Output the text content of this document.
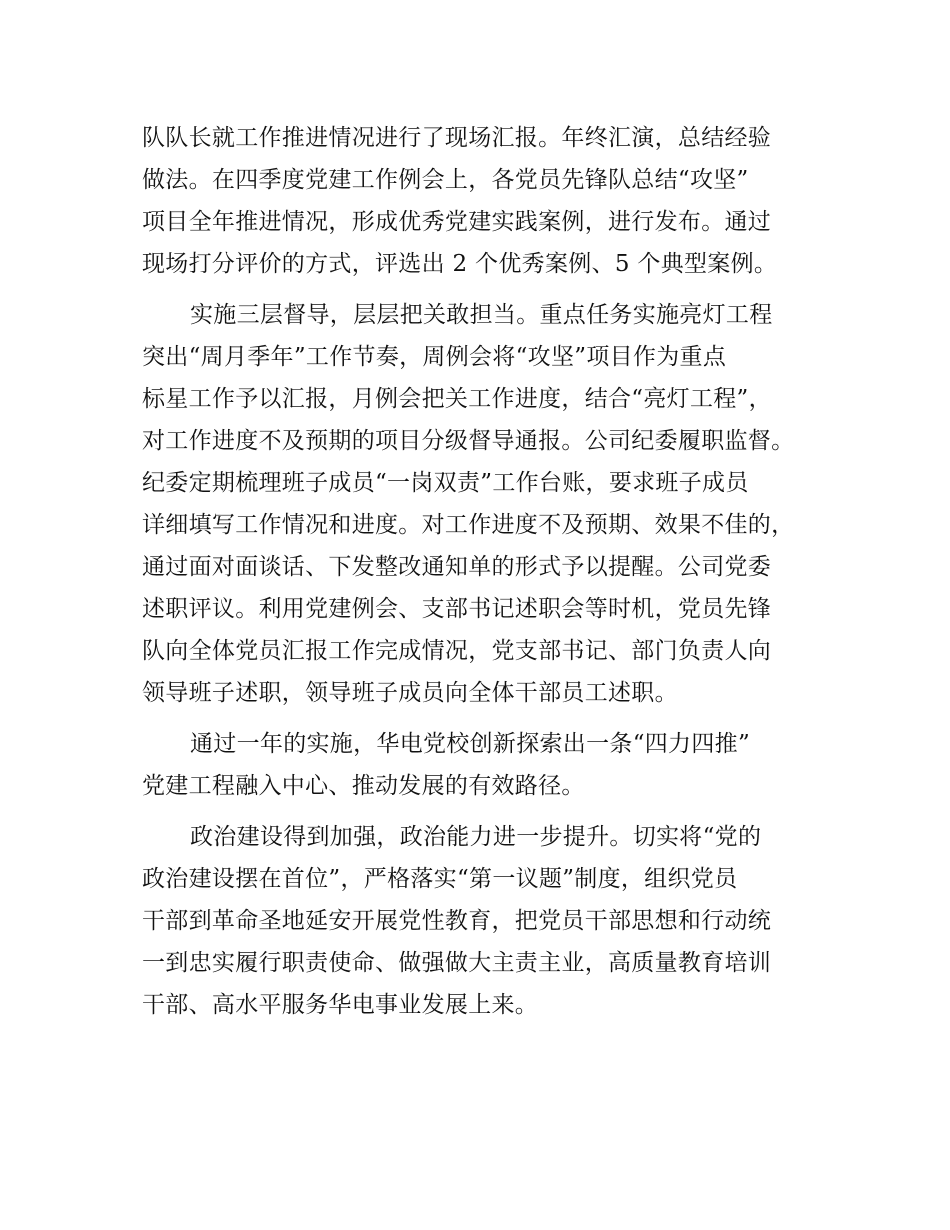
队队长就工作推进情况进行了现场汇报。年终汇演，总结经验
做法。在四季度党建工作例会上，各党员先锋队总结“攻坚”
项目全年推进情况，形成优秀党建实践案例，进行发布。通过
现场打分评价的方式，评选出 2 个优秀案例、5 个典型案例。
实施三层督导，层层把关敢担当。重点任务实施亮灯工程
突出“周月季年”工作节奏，周例会将“攻坚”项目作为重点
标星工作予以汇报，月例会把关工作进度，结合“亮灯工程”，
对工作进度不及预期的项目分级督导通报。公司纪委履职监督。
纪委定期梳理班子成员“一岗双责”工作台账，要求班子成员
详细填写工作情况和进度。对工作进度不及预期、效果不佳的，
通过面对面谈话、下发整改通知单的形式予以提醒。公司党委
述职评议。利用党建例会、支部书记述职会等时机，党员先锋
队向全体党员汇报工作完成情况，党支部书记、部门负责人向
领导班子述职，领导班子成员向全体干部员工述职。
通过一年的实施，华电党校创新探索出一条“四力四推”
党建工程融入中心、推动发展的有效路径。
政治建设得到加强，政治能力进一步提升。切实将“党的
政治建设摆在首位”，严格落实“第一议题”制度，组织党员
干部到革命圣地延安开展党性教育，把党员干部思想和行动统
一到忠实履行职责使命、做强做大主责主业，高质量教育培训
干部、高水平服务华电事业发展上来。
